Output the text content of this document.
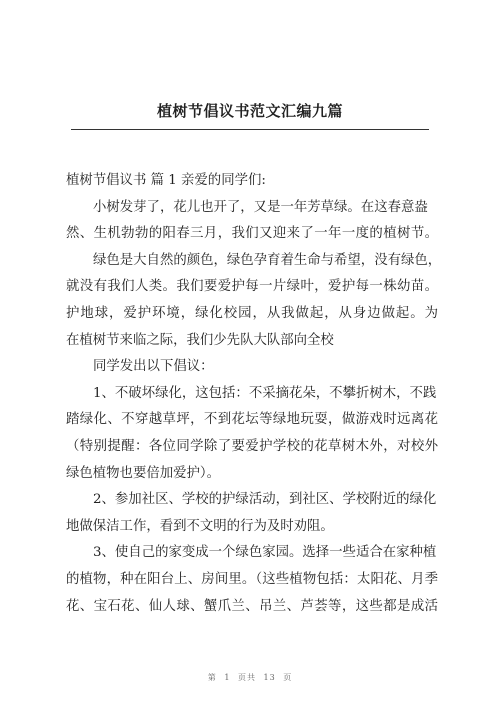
植树节倡议书范文汇编九篇
植树节倡议书 篇 1 亲爱的同学们:
小树发芽了，花儿也开了，又是一年芳草绿。在这春意盎
然、生机勃勃的阳春三月，我们又迎来了一年一度的植树节。
绿色是大自然的颜色，绿色孕育着生命与希望，没有绿色，
就没有我们人类。我们要爱护每一片绿叶，爱护每一株幼苗。
护地球，爱护环境，绿化校园，从我做起，从身边做起。为
在植树节来临之际，我们少先队大队部向全校
同学发出以下倡议：
1、不破坏绿化，这包括：不采摘花朵，不攀折树木，不践
踏绿化、不穿越草坪，不到花坛等绿地玩耍，做游戏时远离花
（特别提醒：各位同学除了要爱护学校的花草树木外，对校外
绿色植物也要倍加爱护）。
2、参加社区、学校的护绿活动，到社区、学校附近的绿化
地做保洁工作，看到不文明的行为及时劝阻。
3、使自己的家变成一个绿色家园。选择一些适合在家种植
的植物，种在阳台上、房间里。（这些植物包括：太阳花、月季
花、宝石花、仙人球、蟹爪兰、吊兰、芦荟等，这些都是成活
第 1 页共 13 页
